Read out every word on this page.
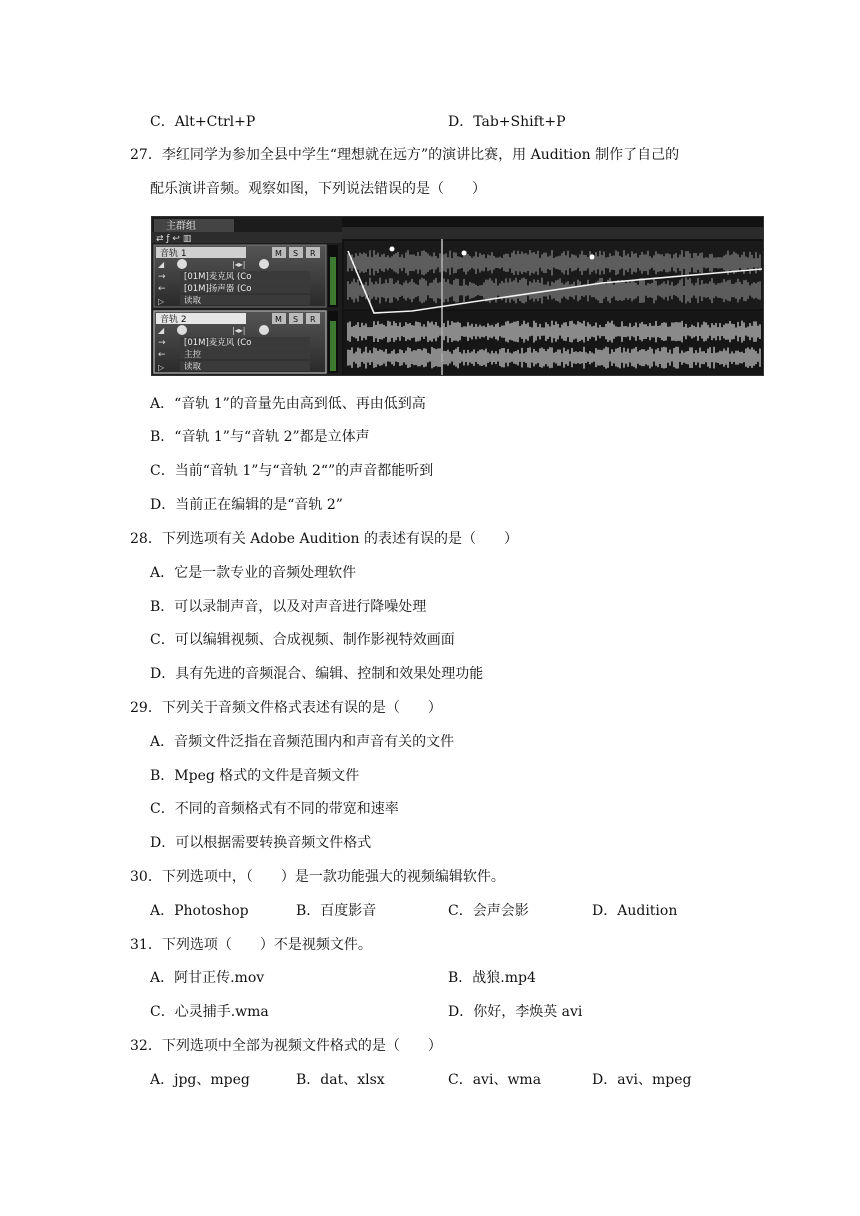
C．Alt+Ctrl+P	D．Tab+Shift+P
27．李红同学为参加全县中学生“理想就在远方”的演讲比赛，用 Audition 制作了自己的
配乐演讲音频。观察如图，下列说法错误的是（　　）
主群组
⇄ ƒ ↩ ▥
音轨 1	M S R
◢	|◂▸|
→ [01M]麦克风 (Co
← [01M]扬声器 (Co
▷ 读取
音轨 2	M S R
◢	|◂▸|
→ [01M]麦克风 (Co
← 主控
▷ 读取
A．“音轨 1”的音量先由高到低、再由低到高
B．“音轨 1”与“音轨 2”都是立体声
C．当前“音轨 1”与“音轨 2“”的声音都能听到
D．当前正在编辑的是“音轨 2”
28．下列选项有关 Adobe Audition 的表述有误的是（　　）
A．它是一款专业的音频处理软件
B．可以录制声音，以及对声音进行降噪处理
C．可以编辑视频、合成视频、制作影视特效画面
D．具有先进的音频混合、编辑、控制和效果处理功能
29．下列关于音频文件格式表述有误的是（　　）
A．音频文件泛指在音频范围内和声音有关的文件
B．Mpeg 格式的文件是音频文件
C．不同的音频格式有不同的带宽和速率
D．可以根据需要转换音频文件格式
30．下列选项中，（　　）是一款功能强大的视频编辑软件。
A．Photoshop	B．百度影音	C．会声会影	D．Audition
31．下列选项（　　）不是视频文件。
A．阿甘正传.mov	B．战狼.mp4
C．心灵捕手.wma	D．你好，李焕英 avi
32．下列选项中全部为视频文件格式的是（　　）
A．jpg、mpeg	B．dat、xlsx	C．avi、wma	D．avi、mpeg
